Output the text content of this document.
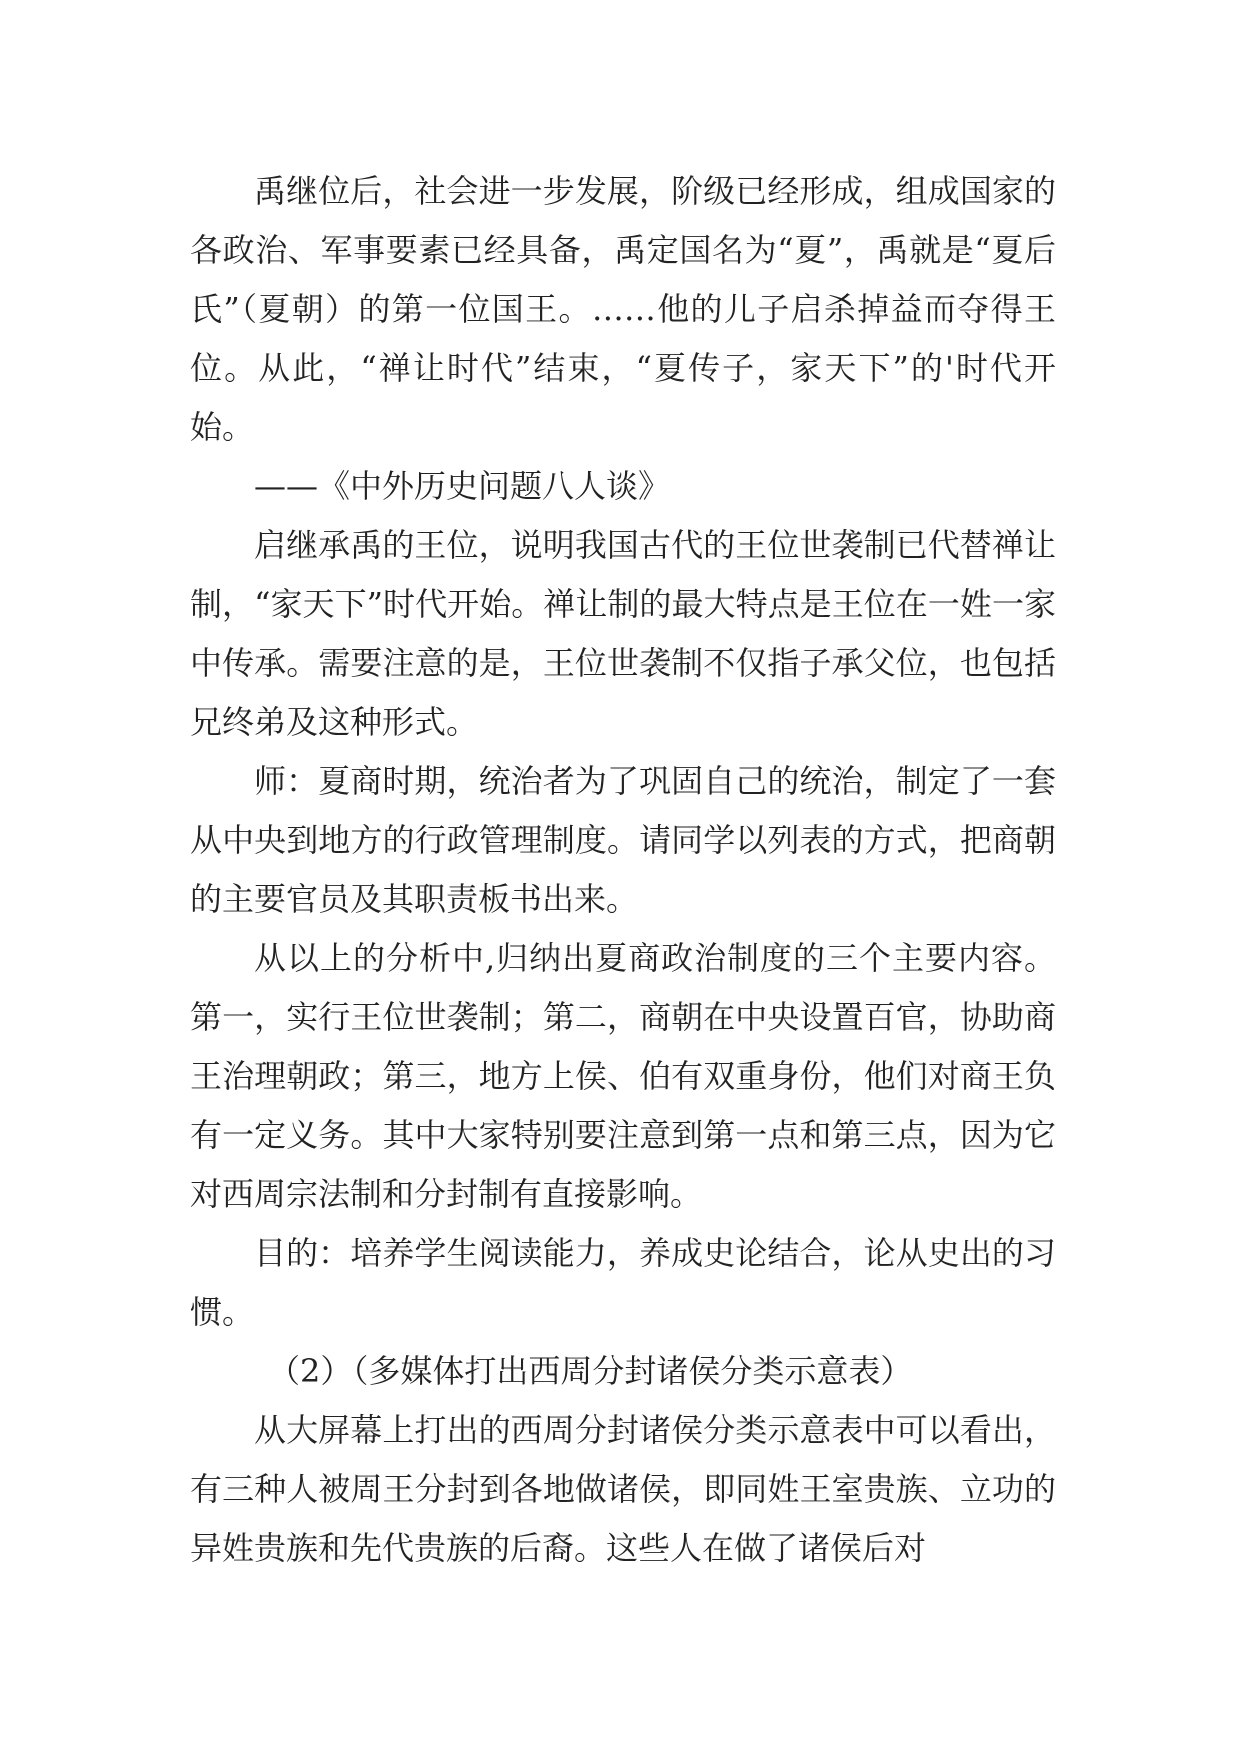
禹继位后，社会进一步发展，阶级已经形成，组成国家的各政治、军事要素已经具备，禹定国名为“夏”，禹就是“夏后氏”（夏朝）的第一位国王。……他的儿子启杀掉益而夺得王位。从此，“禅让时代”结束，“夏传子，家天下”的'时代开始。

——《中外历史问题八人谈》

启继承禹的王位，说明我国古代的王位世袭制已代替禅让制，“家天下”时代开始。禅让制的最大特点是王位在一姓一家中传承。需要注意的是，王位世袭制不仅指子承父位，也包括兄终弟及这种形式。

师：夏商时期，统治者为了巩固自己的统治，制定了一套从中央到地方的行政管理制度。请同学以列表的方式，把商朝的主要官员及其职责板书出来。

从以上的分析中,归纳出夏商政治制度的三个主要内容。第一，实行王位世袭制；第二，商朝在中央设置百官，协助商王治理朝政；第三，地方上侯、伯有双重身份，他们对商王负有一定义务。其中大家特别要注意到第一点和第三点，因为它对西周宗法制和分封制有直接影响。

目的：培养学生阅读能力，养成史论结合，论从史出的习惯。

（2）（多媒体打出西周分封诸侯分类示意表）

从大屏幕上打出的西周分封诸侯分类示意表中可以看出，有三种人被周王分封到各地做诸侯，即同姓王室贵族、立功的异姓贵族和先代贵族的后裔。这些人在做了诸侯后对
